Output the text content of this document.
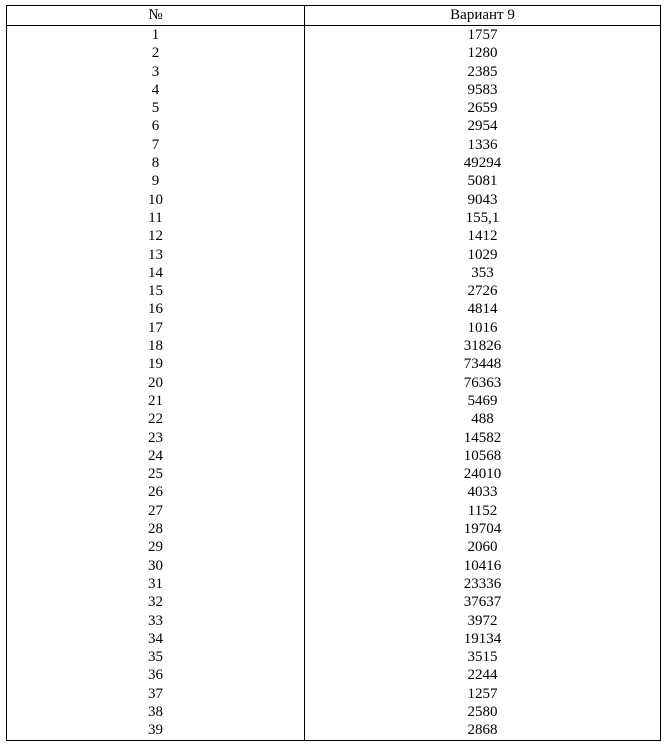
№	Вариант 9
1	1757
2	1280
3	2385
4	9583
5	2659
6	2954
7	1336
8	49294
9	5081
10	9043
11	155,1
12	1412
13	1029
14	353
15	2726
16	4814
17	1016
18	31826
19	73448
20	76363
21	5469
22	488
23	14582
24	10568
25	24010
26	4033
27	1152
28	19704
29	2060
30	10416
31	23336
32	37637
33	3972
34	19134
35	3515
36	2244
37	1257
38	2580
39	2868
